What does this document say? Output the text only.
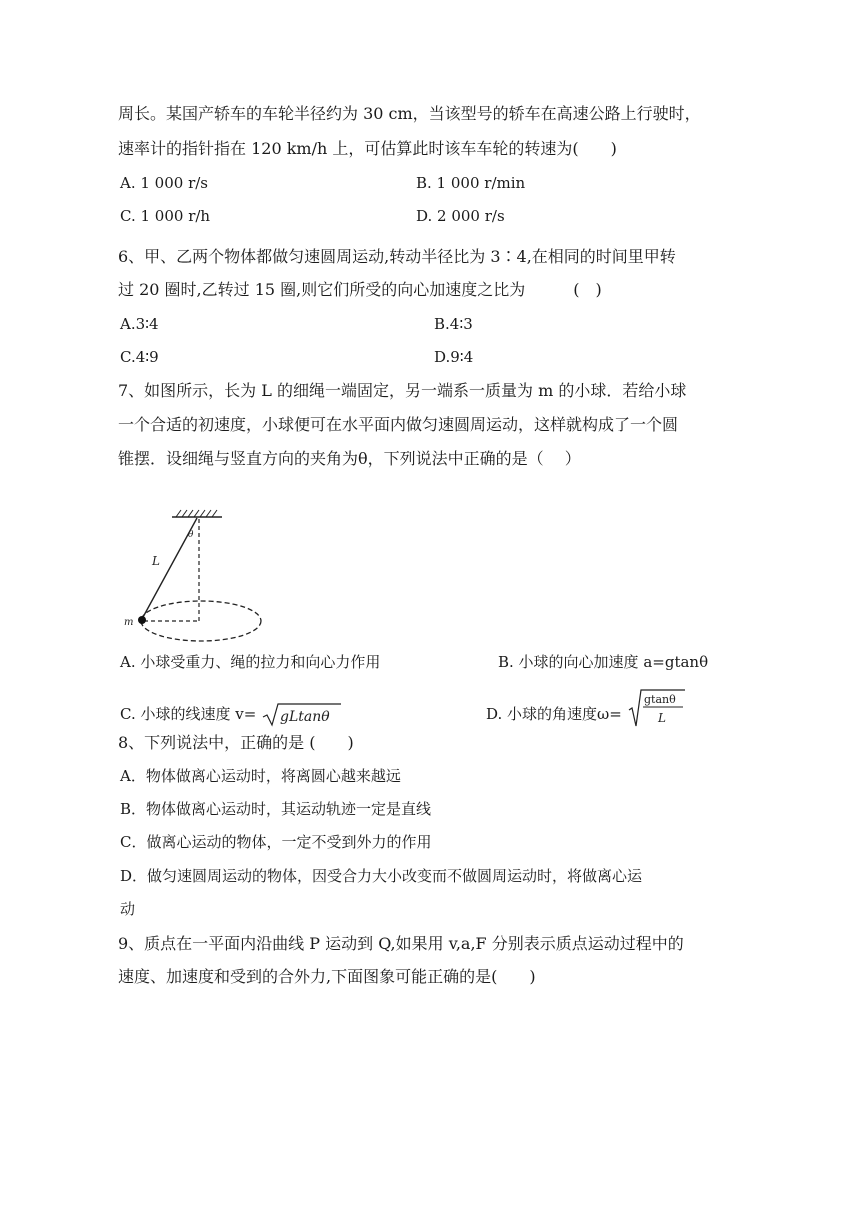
周长。某国产轿车的车轮半径约为 30 cm，当该型号的轿车在高速公路上行驶时，
速率计的指针指在 120 km/h 上，可估算此时该车车轮的转速为(　　)
A. 1 000 r/s	B. 1 000 r/min
C. 1 000 r/h	D. 2 000 r/s
6、甲、乙两个物体都做匀速圆周运动,转动半径比为 3∶4,在相同的时间里甲转
过 20 圈时,乙转过 15 圈,则它们所受的向心加速度之比为　　　(　)
A.3∶4	B.4∶3
C.4∶9	D.9∶4
7、如图所示，长为 L 的细绳一端固定，另一端系一质量为 m 的小球．若给小球
一个合适的初速度，小球便可在水平面内做匀速圆周运动，这样就构成了一个圆
锥摆．设细绳与竖直方向的夹角为θ，下列说法中正确的是（　 ）
L
θ
m
A. 小球受重力、绳的拉力和向心力作用	B. 小球的向心加速度 a=gtanθ
C. 小球的线速度 v= gLtanθ	D. 小球的角速度ω=
gtanθ
L
8、下列说法中，正确的是 (　　)
A．物体做离心运动时，将离圆心越来越远
B．物体做离心运动时，其运动轨迹一定是直线
C．做离心运动的物体，一定不受到外力的作用
D．做匀速圆周运动的物体，因受合力大小改变而不做圆周运动时，将做离心运
动
9、质点在一平面内沿曲线 P 运动到 Q,如果用 v,a,F 分别表示质点运动过程中的
速度、加速度和受到的合外力,下面图象可能正确的是(　　)
